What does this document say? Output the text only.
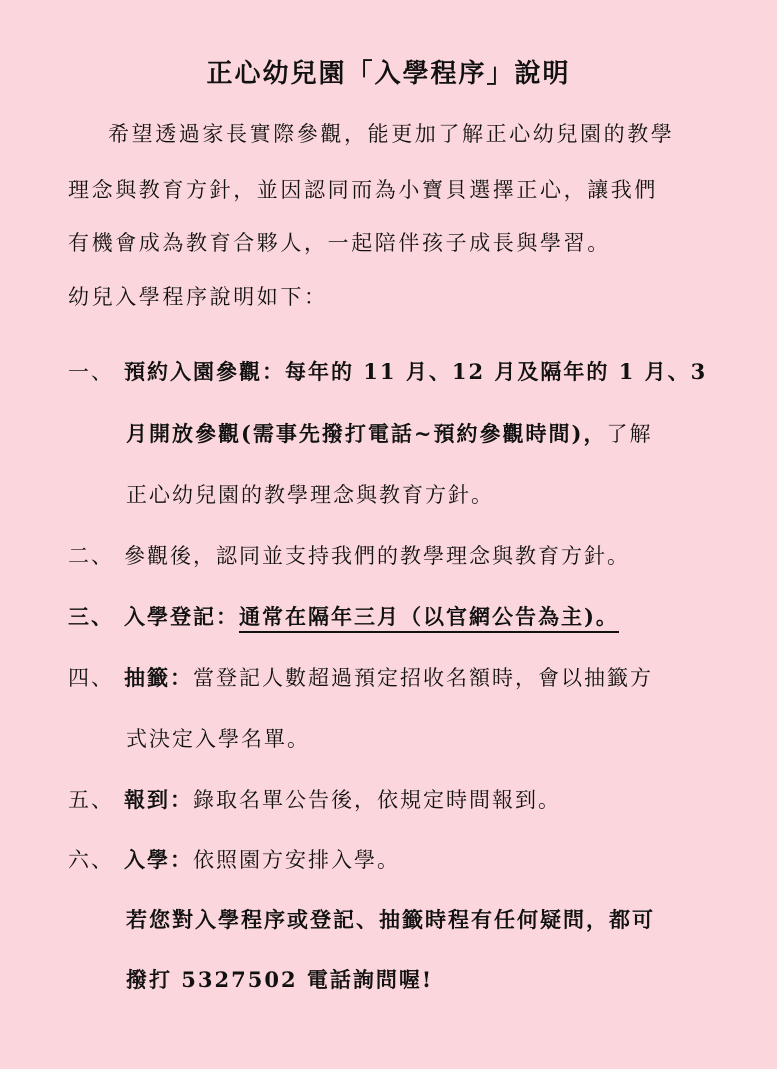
正心幼兒園「入學程序」說明
希望透過家長實際參觀，能更加了解正心幼兒園的教學
理念與教育方針，並因認同而為小寶貝選擇正心，讓我們
有機會成為教育合夥人，一起陪伴孩子成長與學習。
幼兒入學程序說明如下：
一、 預約入園參觀：每年的 11 月、12 月及隔年的 1 月、3
月開放參觀(需事先撥打電話~預約參觀時間)，了解
正心幼兒園的教學理念與教育方針。
二、 參觀後，認同並支持我們的教學理念與教育方針。
三、 入學登記：通常在隔年三月（以官網公告為主)。
四、 抽籤：當登記人數超過預定招收名額時，會以抽籤方
式決定入學名單。
五、 報到：錄取名單公告後，依規定時間報到。
六、 入學：依照園方安排入學。
若您對入學程序或登記、抽籤時程有任何疑問，都可
撥打 5327502 電話詢問喔!
